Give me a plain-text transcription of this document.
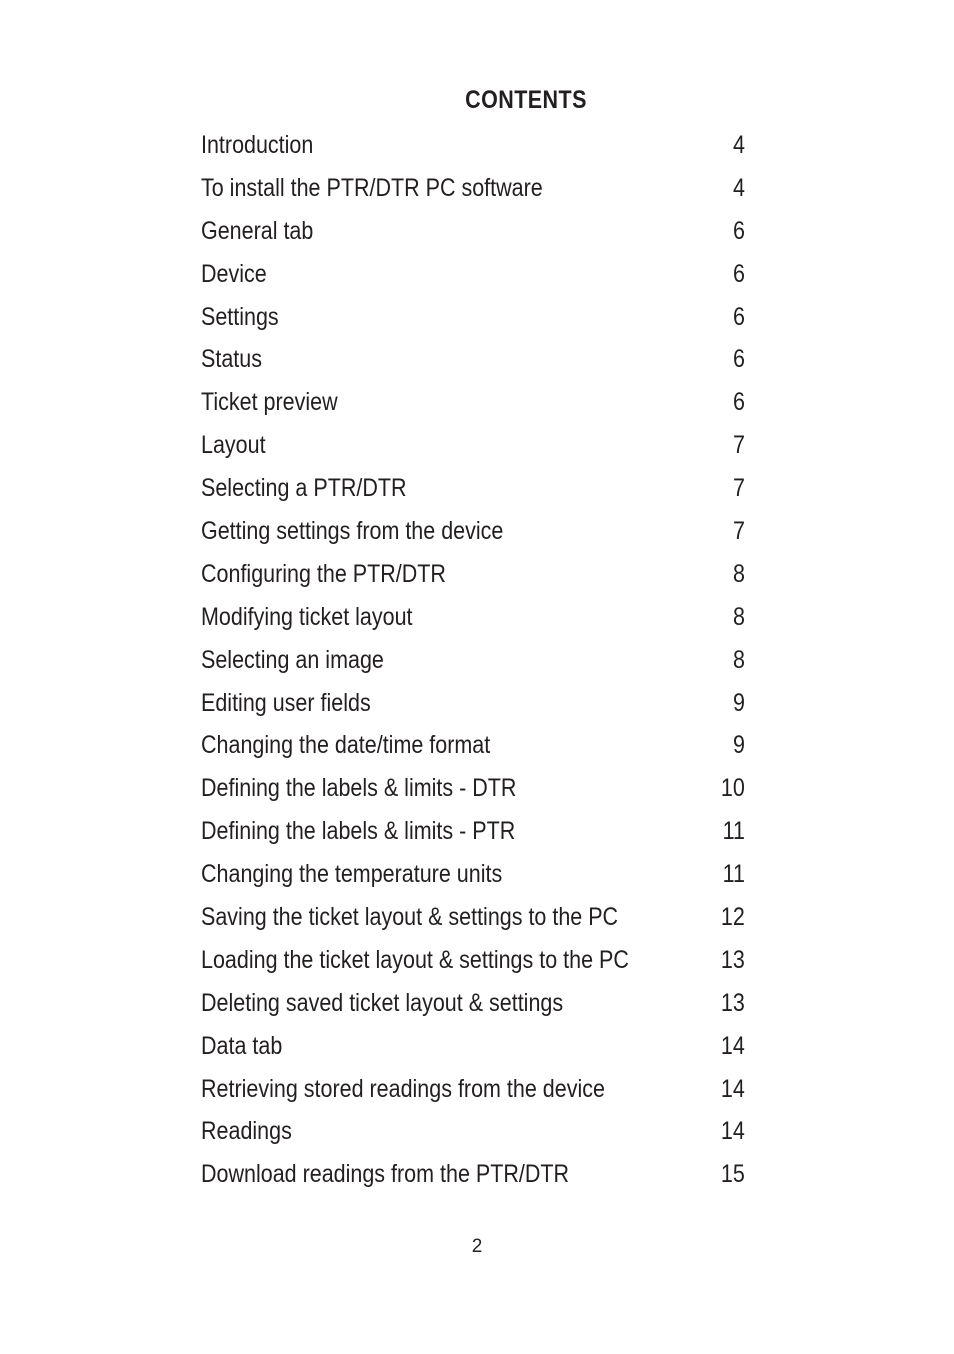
CONTENTS
Introduction	4
To install the PTR/DTR PC software	4
General tab	6
Device	6
Settings	6
Status	6
Ticket preview	6
Layout	7
Selecting a PTR/DTR	7
Getting settings from the device	7
Configuring the PTR/DTR	8
Modifying ticket layout	8
Selecting an image	8
Editing user fields	9
Changing the date/time format	9
Defining the labels & limits - DTR	10
Defining the labels & limits - PTR	11
Changing the temperature units	11
Saving the ticket layout & settings to the PC	12
Loading the ticket layout & settings to the PC	13
Deleting saved ticket layout & settings	13
Data tab	14
Retrieving stored readings from the device	14
Readings	14
Download readings from the PTR/DTR	15
2
